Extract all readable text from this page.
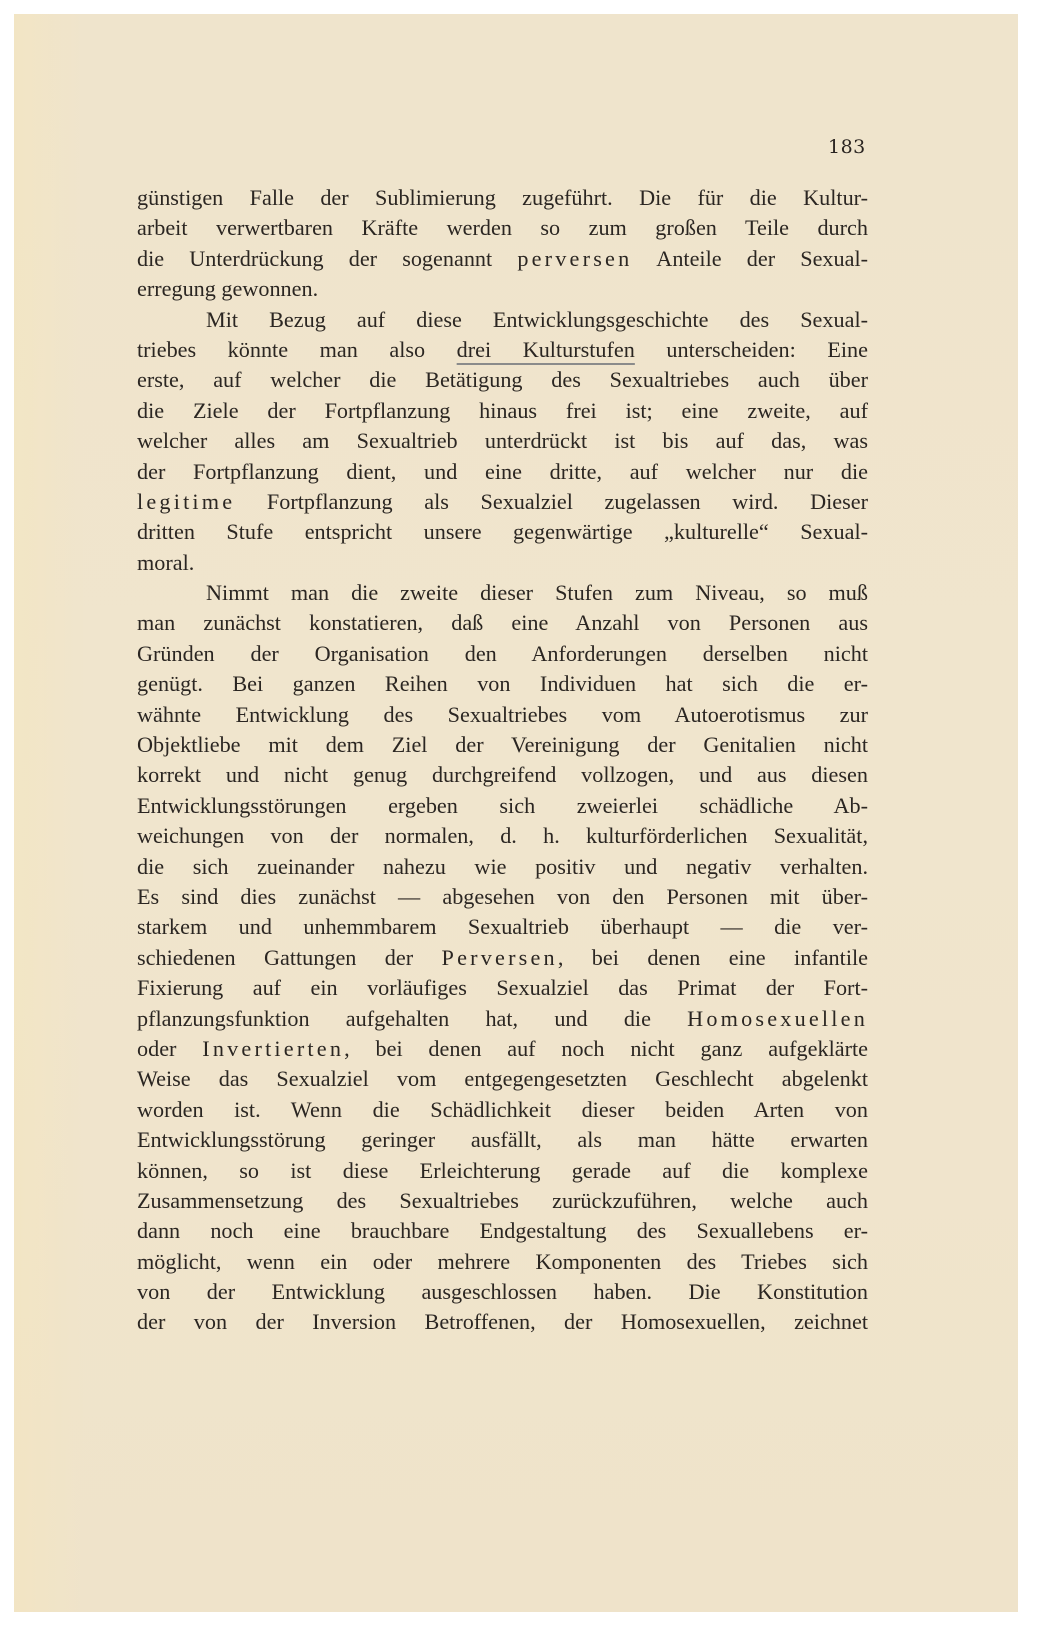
183
günstigen Falle der Sublimierung zugeführt. Die für die Kultur-
arbeit verwertbaren Kräfte werden so zum großen Teile durch
die Unterdrückung der sogenannt perversen Anteile der Sexual-
erregung gewonnen.
Mit Bezug auf diese Entwicklungsgeschichte des Sexual-
triebes könnte man also drei Kulturstufen unterscheiden: Eine
erste, auf welcher die Betätigung des Sexualtriebes auch über
die Ziele der Fortpflanzung hinaus frei ist; eine zweite, auf
welcher alles am Sexualtrieb unterdrückt ist bis auf das, was
der Fortpflanzung dient, und eine dritte, auf welcher nur die
legitime Fortpflanzung als Sexualziel zugelassen wird. Dieser
dritten Stufe entspricht unsere gegenwärtige „kulturelle“ Sexual-
moral.
Nimmt man die zweite dieser Stufen zum Niveau, so muß
man zunächst konstatieren, daß eine Anzahl von Personen aus
Gründen der Organisation den Anforderungen derselben nicht
genügt. Bei ganzen Reihen von Individuen hat sich die er-
wähnte Entwicklung des Sexualtriebes vom Autoerotismus zur
Objektliebe mit dem Ziel der Vereinigung der Genitalien nicht
korrekt und nicht genug durchgreifend vollzogen, und aus diesen
Entwicklungsstörungen ergeben sich zweierlei schädliche Ab-
weichungen von der normalen, d. h. kulturförderlichen Sexualität,
die sich zueinander nahezu wie positiv und negativ verhalten.
Es sind dies zunächst — abgesehen von den Personen mit über-
starkem und unhemmbarem Sexualtrieb überhaupt — die ver-
schiedenen Gattungen der Perversen, bei denen eine infantile
Fixierung auf ein vorläufiges Sexualziel das Primat der Fort-
pflanzungsfunktion aufgehalten hat, und die Homosexuellen
oder Invertierten, bei denen auf noch nicht ganz aufgeklärte
Weise das Sexualziel vom entgegengesetzten Geschlecht abgelenkt
worden ist. Wenn die Schädlichkeit dieser beiden Arten von
Entwicklungsstörung geringer ausfällt, als man hätte erwarten
können, so ist diese Erleichterung gerade auf die komplexe
Zusammensetzung des Sexualtriebes zurückzuführen, welche auch
dann noch eine brauchbare Endgestaltung des Sexuallebens er-
möglicht, wenn ein oder mehrere Komponenten des Triebes sich
von der Entwicklung ausgeschlossen haben. Die Konstitution
der von der Inversion Betroffenen, der Homosexuellen, zeichnet
